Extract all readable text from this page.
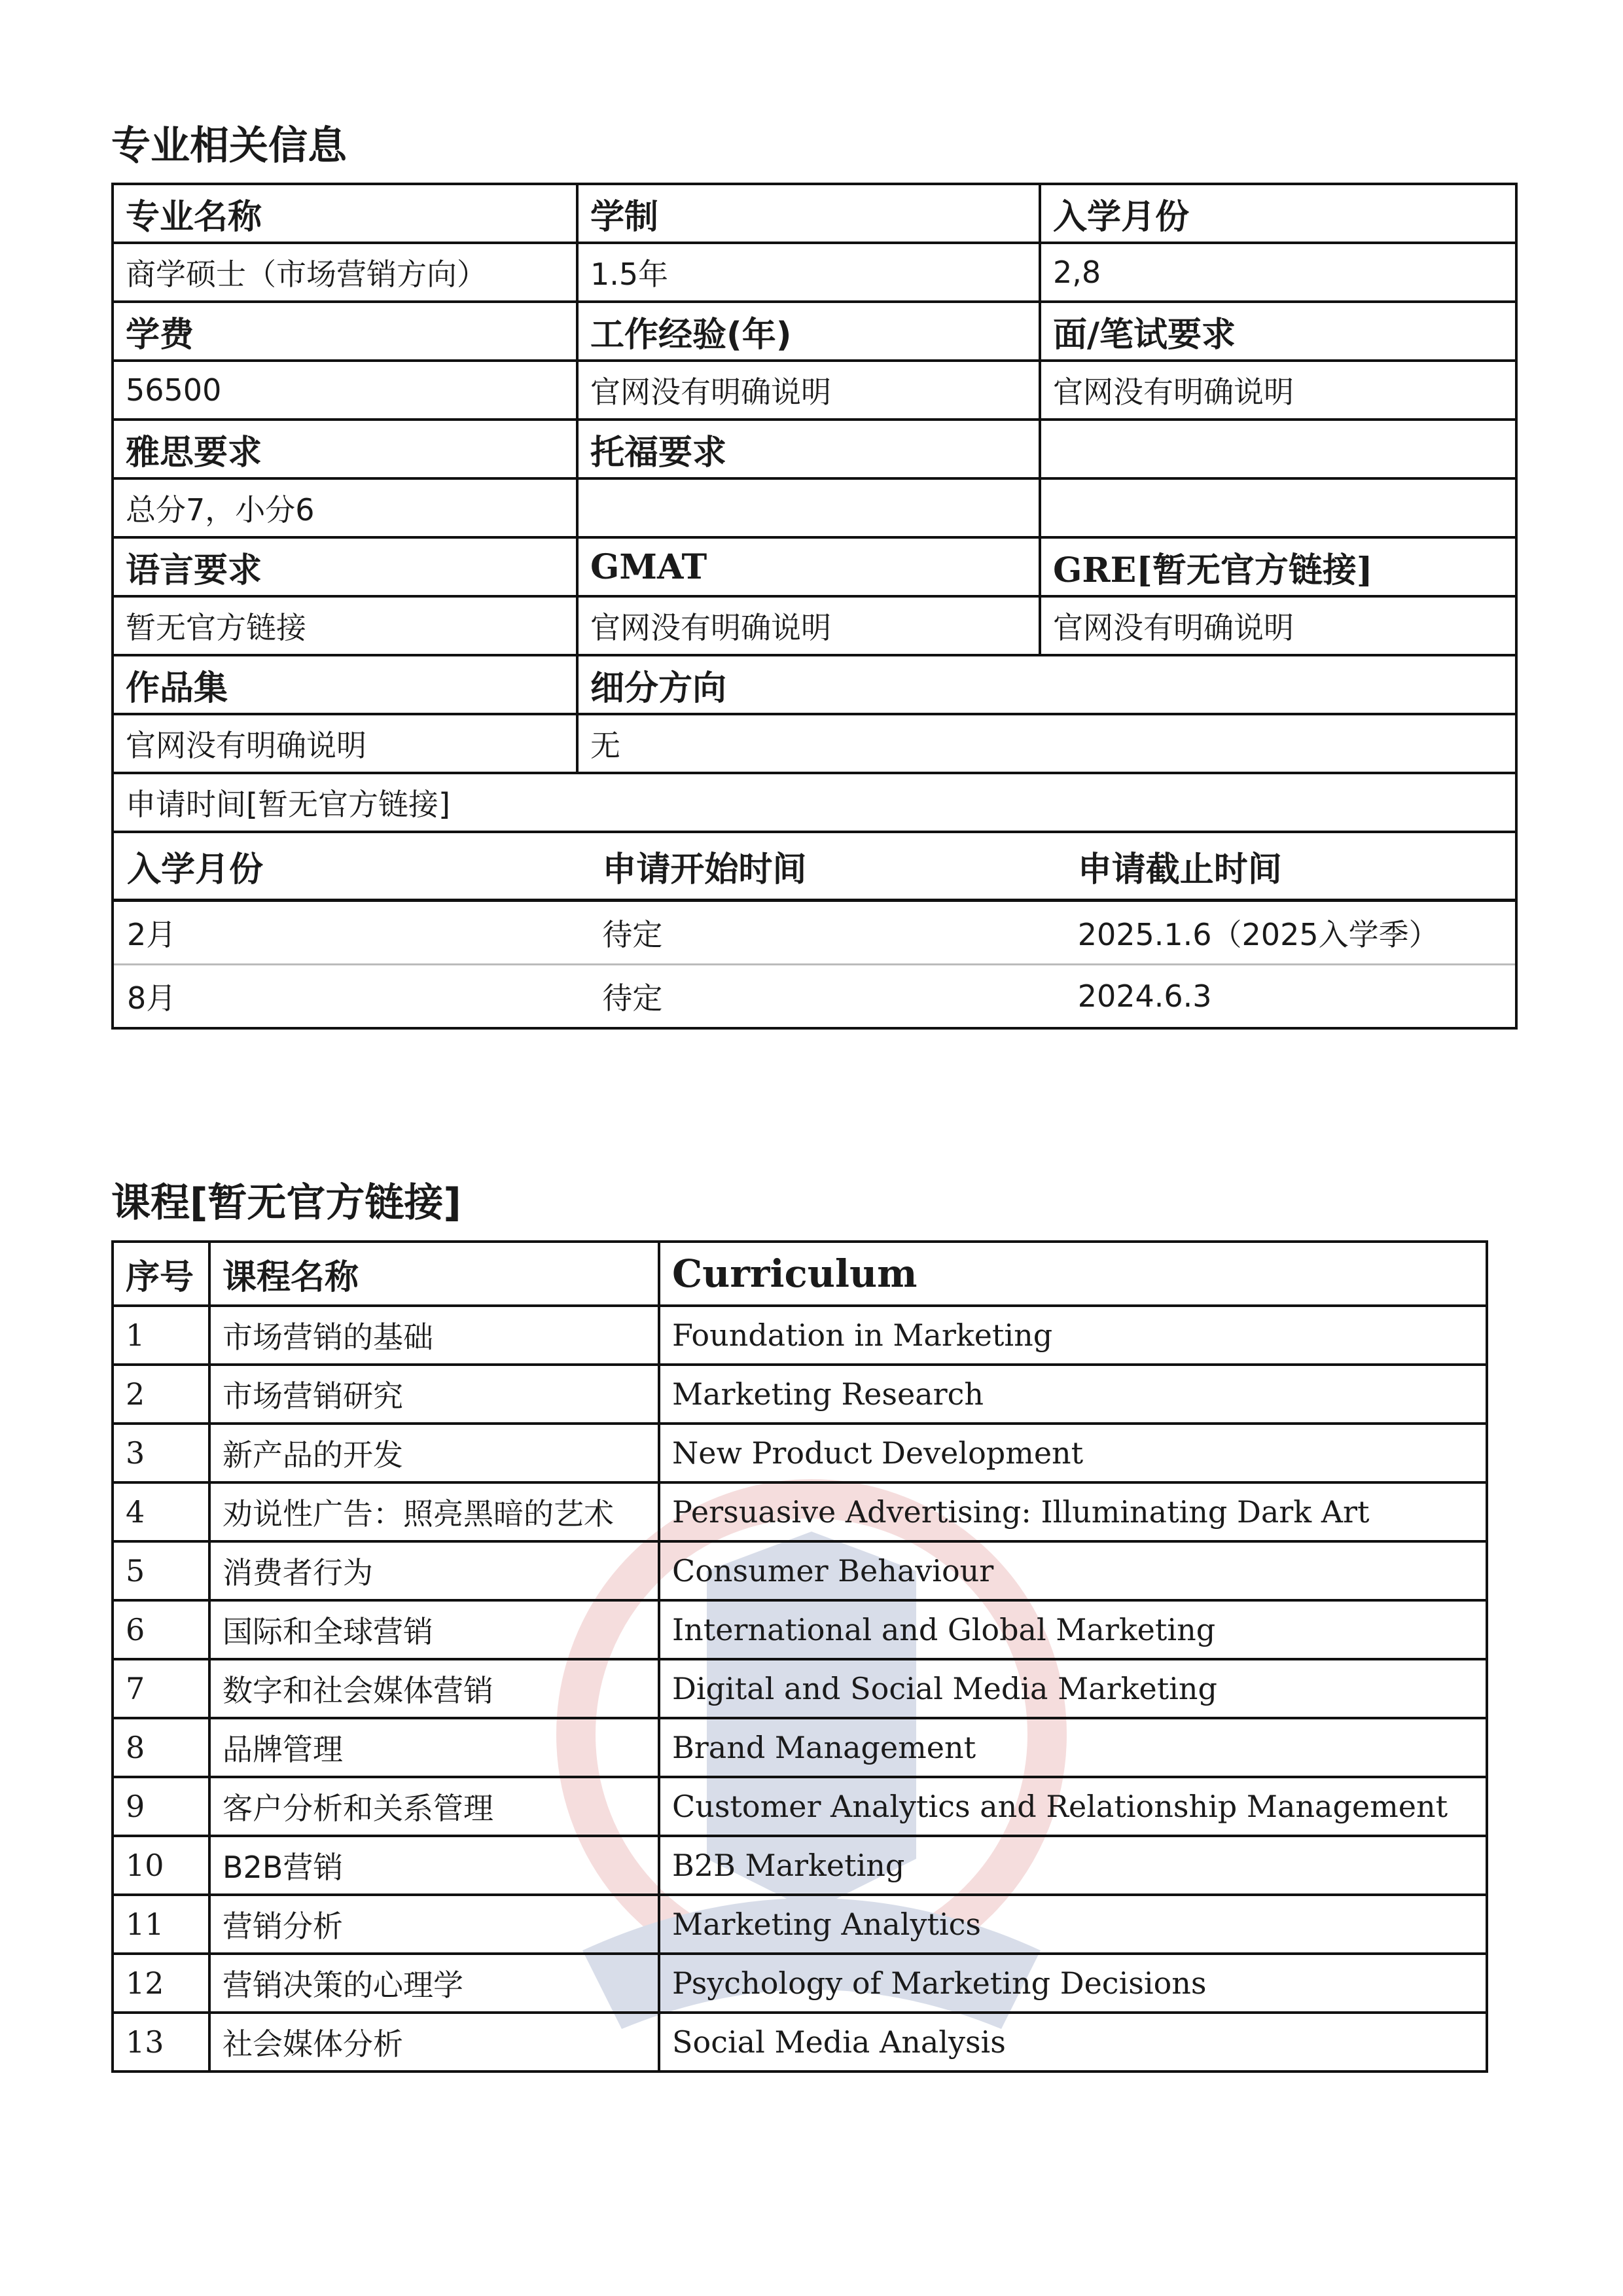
专业相关信息
专业名称	学制	入学月份
商学硕士（市场营销方向）	1.5年	2,8
学费	工作经验(年)	面/笔试要求
56500	官网没有明确说明	官网没有明确说明
雅思要求	托福要求	
总分7，小分6		
语言要求	GMAT	GRE[暂无官方链接]
暂无官方链接	官网没有明确说明	官网没有明确说明
作品集	细分方向
官网没有明确说明	无
申请时间[暂无官方链接]

入学月份	申请开始时间	申请截止时间
2月	待定	2025.1.6（2025入学季）
8月	待定	2024.6.3
课程[暂无官方链接]
序号	课程名称	Curriculum
1	市场营销的基础	Foundation in Marketing
2	市场营销研究	Marketing Research
3	新产品的开发	New Product Development
4	劝说性广告：照亮黑暗的艺术	Persuasive Advertising: Illuminating Dark Art
5	消费者行为	Consumer Behaviour
6	国际和全球营销	International and Global Marketing
7	数字和社会媒体营销	Digital and Social Media Marketing
8	品牌管理	Brand Management
9	客户分析和关系管理	Customer Analytics and Relationship Management
10	B2B营销	B2B Marketing
11	营销分析	Marketing Analytics
12	营销决策的心理学	Psychology of Marketing Decisions
13	社会媒体分析	Social Media Analysis
